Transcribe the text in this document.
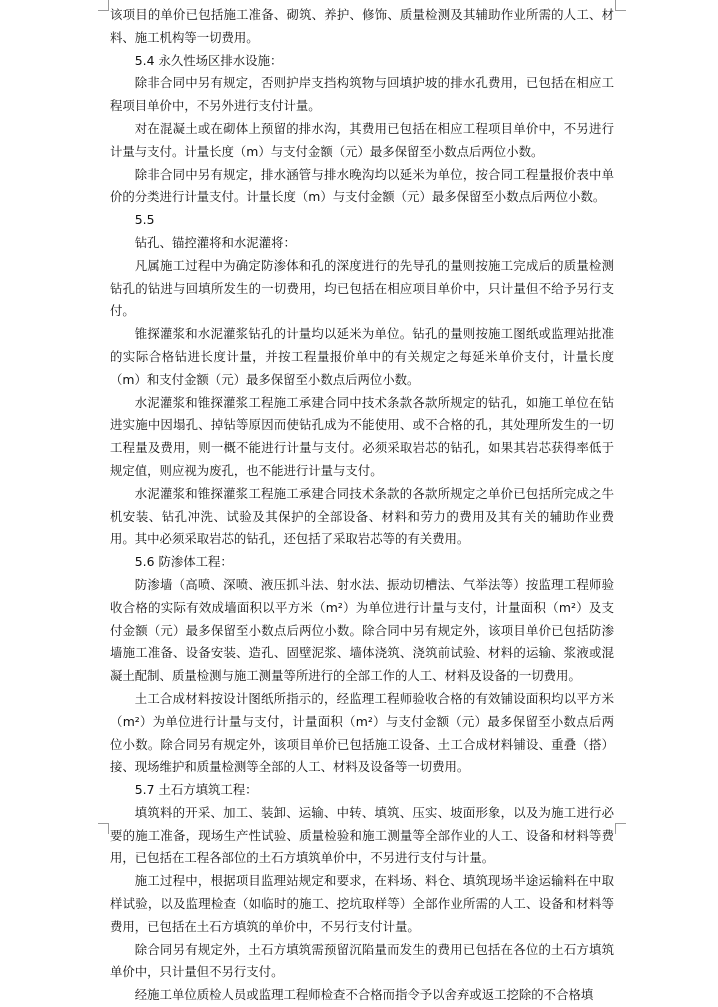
该项目的单价已包括施工准备、砌筑、养护、修饰、质量检测及其辅助作业所需的人工、材料、施工机构等一切费用。

5.4 永久性场区排水设施：

除非合同中另有规定，否则护岸支挡构筑物与回填护坡的排水孔费用，已包括在相应工程项目单价中，不另外进行支付计量。

对在混凝土或在砌体上预留的排水沟，其费用已包括在相应工程项目单价中，不另进行计量与支付。计量长度（m）与支付金额（元）最多保留至小数点后两位小数。

除非合同中另有规定，排水涵管与排水晚沟均以延米为单位，按合同工程量报价表中单价的分类进行计量支付。计量长度（m）与支付金额（元）最多保留至小数点后两位小数。

5.5

钻孔、锚控灌将和水泥灌将：

凡属施工过程中为确定防渗体和孔的深度进行的先导孔的量则按施工完成后的质量检测钻孔的钻进与回填所发生的一切费用，均已包括在相应项目单价中，只计量但不给予另行支付。

锥探灌浆和水泥灌浆钻孔的计量均以延米为单位。钻孔的量则按施工图纸或监理站批准的实际合格钻进长度计量，并按工程量报价单中的有关规定之每延米单价支付，计量长度（m）和支付金额（元）最多保留至小数点后两位小数。

水泥灌浆和锥探灌浆工程施工承建合同中技术条款各款所规定的钻孔，如施工单位在钻进实施中因塌孔、掉钻等原因而使钻孔成为不能使用、或不合格的孔，其处理所发生的一切工程量及费用，则一概不能进行计量与支付。必须采取岩芯的钻孔，如果其岩芯获得率低于规定值，则应视为废孔，也不能进行计量与支付。

水泥灌浆和锥探灌浆工程施工承建合同技术条款的各款所规定之单价已包括所完成之牛机安装、钻孔冲洗、试验及其保护的全部设备、材料和劳力的费用及其有关的辅助作业费用。其中必须采取岩芯的钻孔，还包括了采取岩芯等的有关费用。

5.6 防渗体工程：

防渗墙（高喷、深喷、液压抓斗法、射水法、振动切槽法、气举法等）按监理工程师验收合格的实际有效成墙面积以平方米（m²）为单位进行计量与支付，计量面积（m²）及支付金额（元）最多保留至小数点后两位小数。除合同中另有规定外，该项目单价已包括防渗墙施工准备、设备安装、造孔、固壁泥浆、墙体浇筑、浇筑前试验、材料的运输、浆液或混凝土配制、质量检测与施工测量等所进行的全部工作的人工、材料及设备的一切费用。

土工合成材料按设计图纸所指示的，经监理工程师验收合格的有效铺设面积均以平方米（m²）为单位进行计量与支付，计量面积（m²）与支付金额（元）最多保留至小数点后两位小数。除合同另有规定外，该项目单价已包括施工设备、土工合成材料铺设、重叠（搭）接、现场维护和质量检测等全部的人工、材料及设备等一切费用。

5.7 土石方填筑工程：

填筑料的开采、加工、装卸、运输、中转、填筑、压实、坡面形象，以及为施工进行必要的施工准备，现场生产性试验、质量检验和施工测量等全部作业的人工、设备和材料等费用，已包括在工程各部位的土石方填筑单价中，不另进行支付与计量。

施工过程中，根据项目监理站规定和要求，在料场、料仓、填筑现场半途运输料在中取样试验，以及监理检查（如临时的施工、挖坑取样等）全部作业所需的人工、设备和材料等费用，已包括在土石方填筑的单价中，不另行支付计量。

除合同另有规定外，土石方填筑需预留沉陷量而发生的费用已包括在各位的土石方填筑单价中，只计量但不另行支付。

经施工单位质检人员或监理工程师检查不合格而指令予以舍弃或返工挖除的不合格填
